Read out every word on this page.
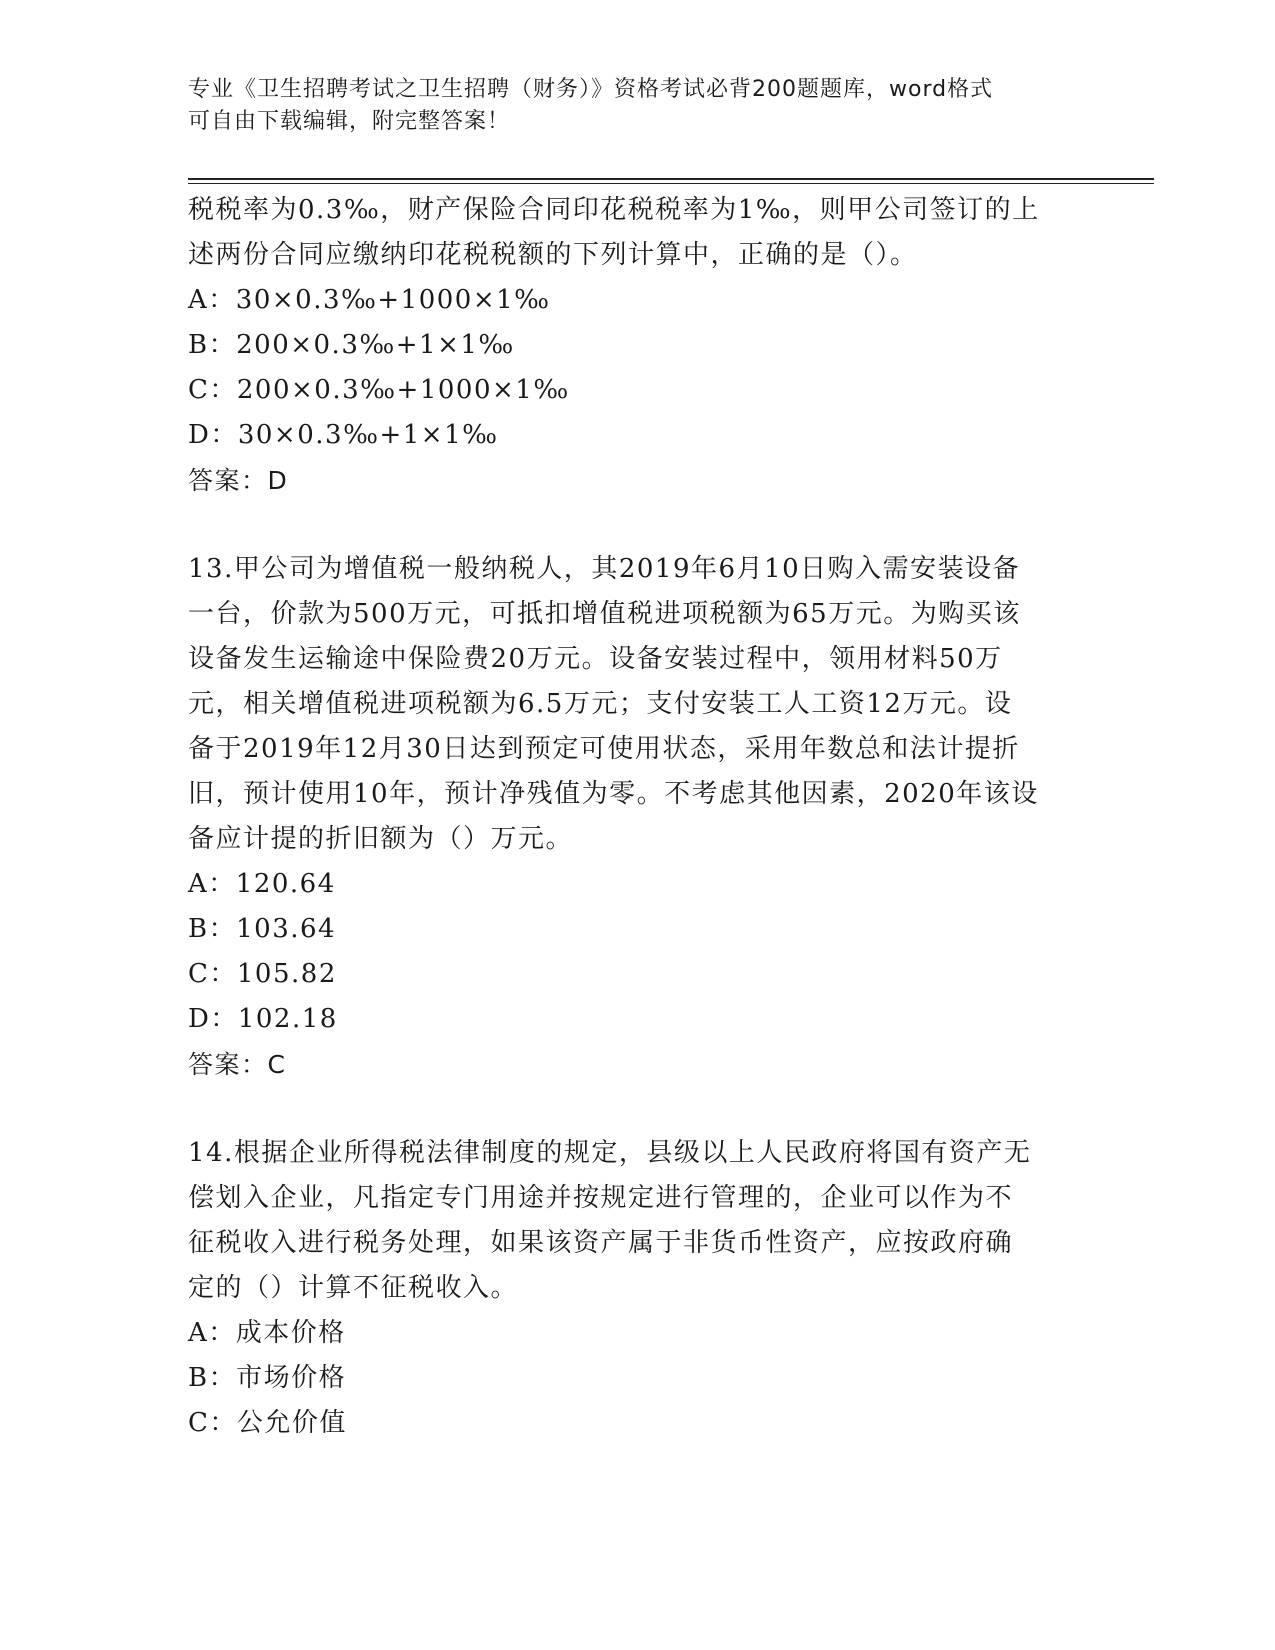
专业《卫生招聘考试之卫生招聘（财务）》资格考试必背200题题库，word格式
可自由下载编辑，附完整答案！

税税率为0.3‰，财产保险合同印花税税率为1‰，则甲公司签订的上

述两份合同应缴纳印花税税额的下列计算中，正确的是（）。

A：30×0.3‰+1000×1‰

B：200×0.3‰+1×1‰

C：200×0.3‰+1000×1‰

D：30×0.3‰+1×1‰

答案：D

13.甲公司为增值税一般纳税人，其2019年6月10日购入需安装设备

一台，价款为500万元，可抵扣增值税进项税额为65万元。为购买该

设备发生运输途中保险费20万元。设备安装过程中，领用材料50万

元，相关增值税进项税额为6.5万元；支付安装工人工资12万元。设

备于2019年12月30日达到预定可使用状态，采用年数总和法计提折

旧，预计使用10年，预计净残值为零。不考虑其他因素，2020年该设

备应计提的折旧额为（）万元。

A：120.64

B：103.64

C：105.82

D：102.18

答案：C

14.根据企业所得税法律制度的规定，县级以上人民政府将国有资产无

偿划入企业，凡指定专门用途并按规定进行管理的，企业可以作为不

征税收入进行税务处理，如果该资产属于非货币性资产，应按政府确

定的（）计算不征税收入。

A：成本价格

B：市场价格

C：公允价值
